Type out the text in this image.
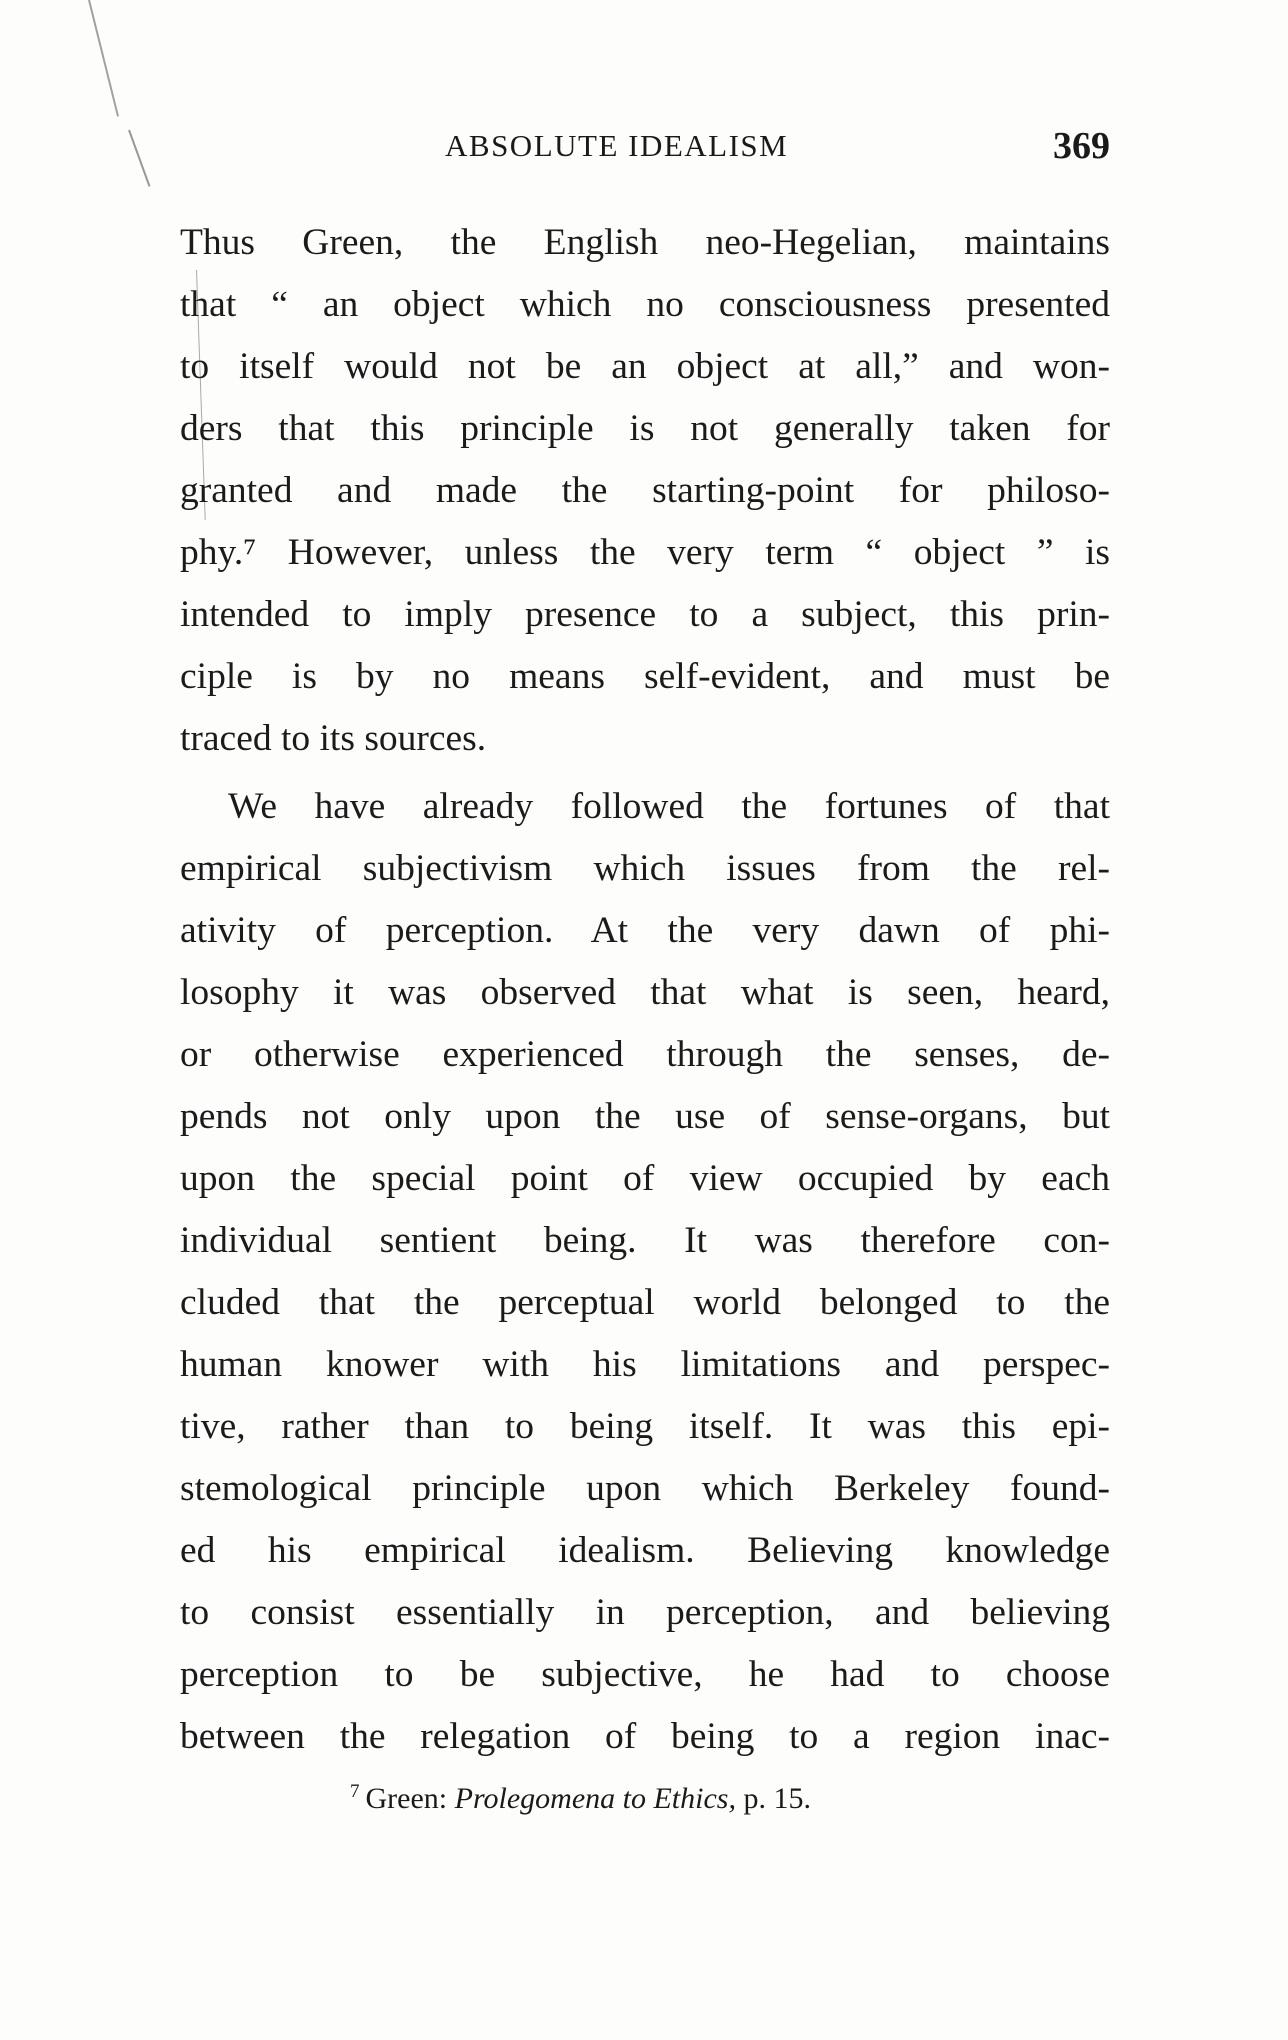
ABSOLUTE IDEALISM	369
Thus Green, the English neo-Hegelian, maintains
that “ an object which no consciousness presented
to itself would not be an object at all,” and won-
ders that this principle is not generally taken for
granted and made the starting-point for philoso-
phy.⁷ However, unless the very term “ object ” is
intended to imply presence to a subject, this prin-
ciple is by no means self-evident, and must be
traced to its sources.
We have already followed the fortunes of that
empirical subjectivism which issues from the rel-
ativity of perception. At the very dawn of phi-
losophy it was observed that what is seen, heard,
or otherwise experienced through the senses, de-
pends not only upon the use of sense-organs, but
upon the special point of view occupied by each
individual sentient being. It was therefore con-
cluded that the perceptual world belonged to the
human knower with his limitations and perspec-
tive, rather than to being itself. It was this epi-
stemological principle upon which Berkeley found-
ed his empirical idealism. Believing knowledge
to consist essentially in perception, and believing
perception to be subjective, he had to choose
between the relegation of being to a region inac-
$^7$ Green: Prolegomena to Ethics, p. 15.
